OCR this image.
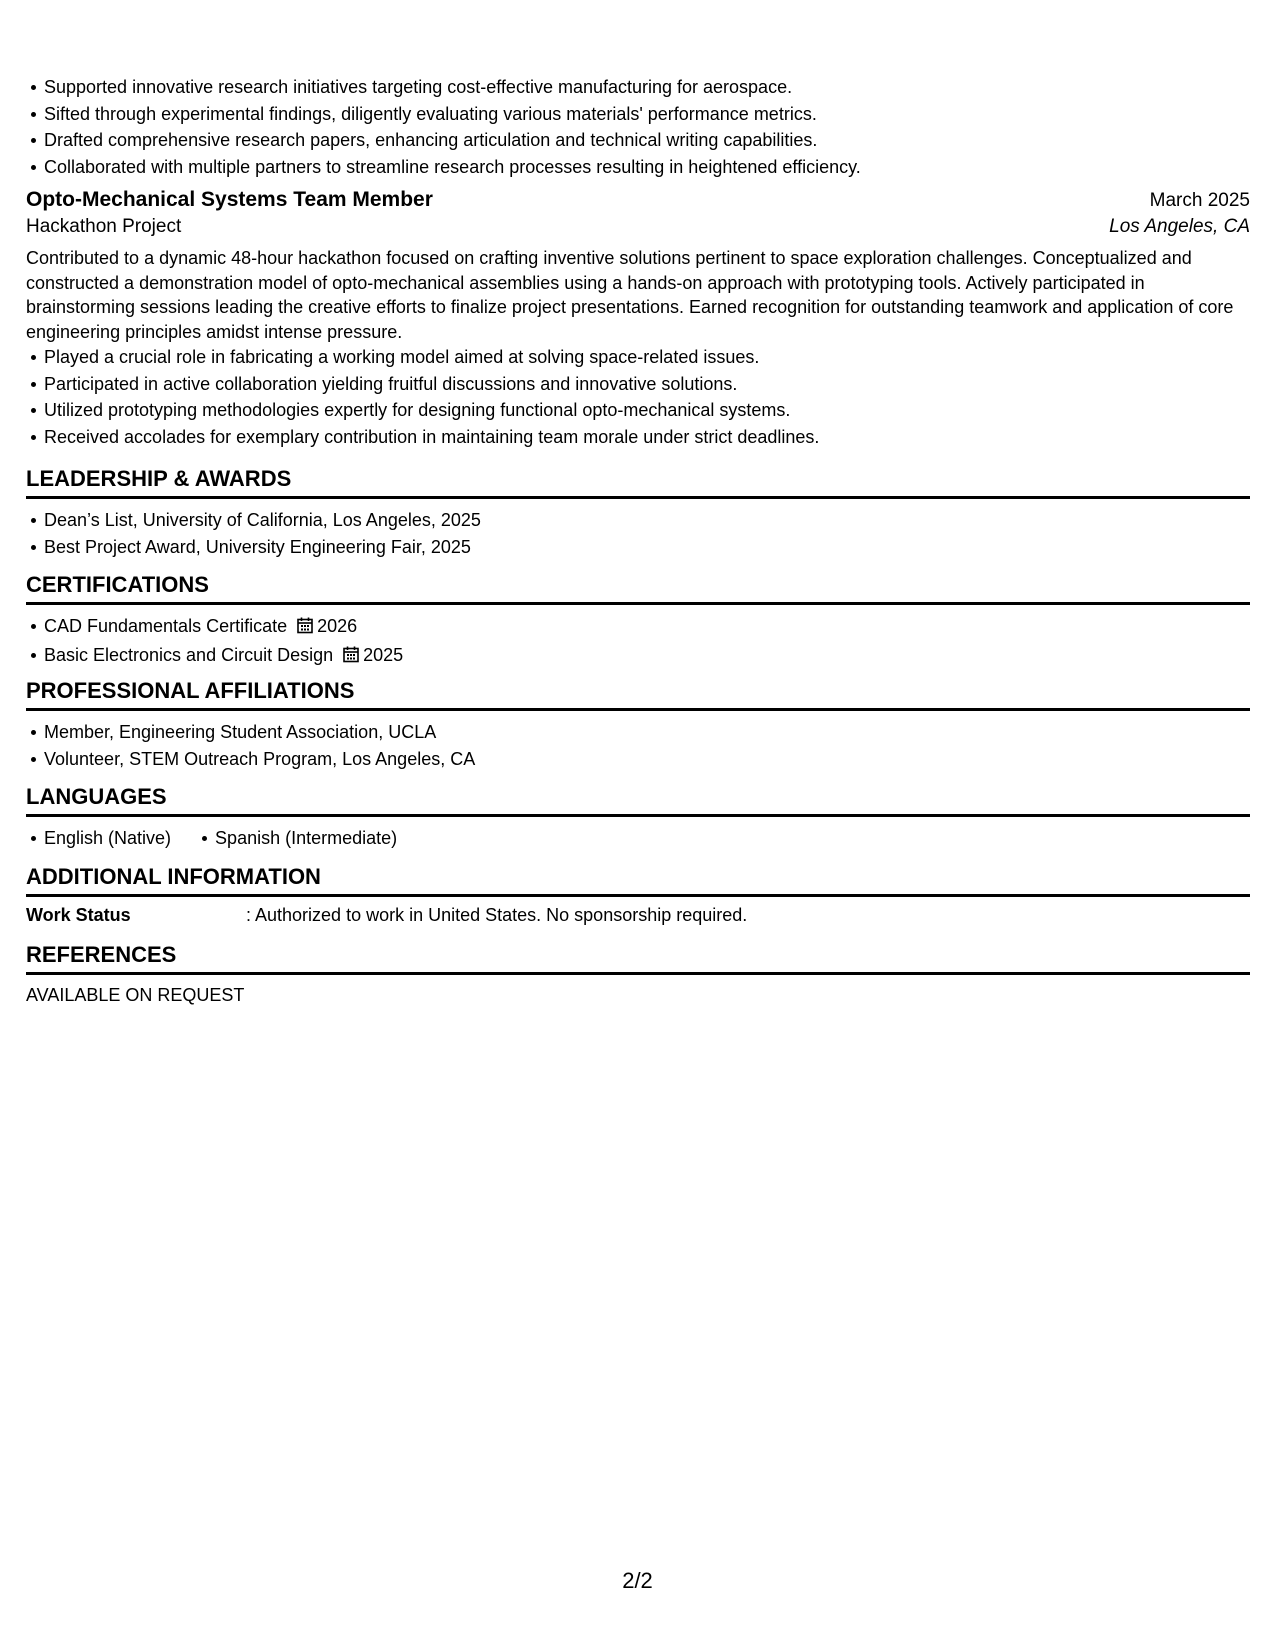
Supported innovative research initiatives targeting cost-effective manufacturing for aerospace.
Sifted through experimental findings, diligently evaluating various materials' performance metrics.
Drafted comprehensive research papers, enhancing articulation and technical writing capabilities.
Collaborated with multiple partners to streamline research processes resulting in heightened efficiency.
Opto-Mechanical Systems Team Member	March 2025
Hackathon Project	Los Angeles, CA

Contributed to a dynamic 48-hour hackathon focused on crafting inventive solutions pertinent to space exploration challenges. Conceptualized and constructed a demonstration model of opto-mechanical assemblies using a hands-on approach with prototyping tools. Actively participated in brainstorming sessions leading the creative efforts to finalize project presentations. Earned recognition for outstanding teamwork and application of core engineering principles amidst intense pressure.

Played a crucial role in fabricating a working model aimed at solving space-related issues.
Participated in active collaboration yielding fruitful discussions and innovative solutions.
Utilized prototyping methodologies expertly for designing functional opto-mechanical systems.
Received accolades for exemplary contribution in maintaining team morale under strict deadlines.
LEADERSHIP & AWARDS
Dean’s List, University of California, Los Angeles, 2025
Best Project Award, University Engineering Fair, 2025
CERTIFICATIONS
CAD Fundamentals Certificate 2026
Basic Electronics and Circuit Design 2025
PROFESSIONAL AFFILIATIONS
Member, Engineering Student Association, UCLA
Volunteer, STEM Outreach Program, Los Angeles, CA
LANGUAGES
English (Native)	Spanish (Intermediate)
ADDITIONAL INFORMATION
Work Status	: Authorized to work in United States. No sponsorship required.
REFERENCES
AVAILABLE ON REQUEST
2/2
